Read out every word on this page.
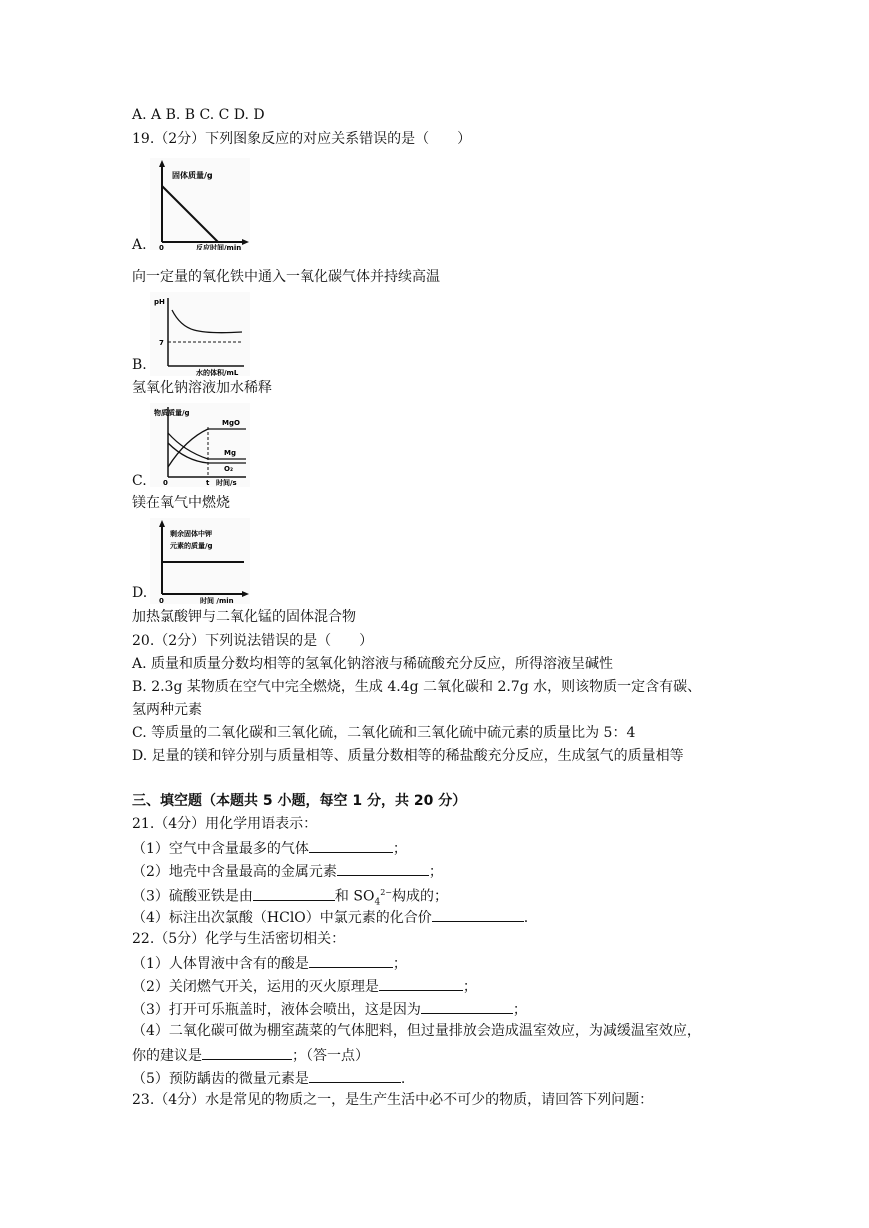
A. A B. B C. C D. D
19.（2分）下列图象反应的对应关系错误的是（　　）
A.
固体质量/g
0	反应时间/min
向一定量的氧化铁中通入一氧化碳气体并持续高温
B.
pH
7
水的体积/mL
氢氧化钠溶液加水稀释
C.
物质质量/g
MgO
Mg
O₂
0	t 时间/s
镁在氧气中燃烧
D.
剩余固体中钾
元素的质量/g
0	时间 /min
加热氯酸钾与二氧化锰的固体混合物
20.（2分）下列说法错误的是（　　）
A. 质量和质量分数均相等的氢氧化钠溶液与稀硫酸充分反应，所得溶液呈碱性
B. 2.3g 某物质在空气中完全燃烧，生成 4.4g 二氧化碳和 2.7g 水，则该物质一定含有碳、
氢两种元素
C. 等质量的二氧化碳和三氧化硫，二氧化硫和三氧化硫中硫元素的质量比为 5：4
D. 足量的镁和锌分别与质量相等、质量分数相等的稀盐酸充分反应，生成氢气的质量相等
三、填空题（本题共 5 小题，每空 1 分，共 20 分）
21.（4分）用化学用语表示：
（1）空气中含量最多的气体	；
（2）地壳中含量最高的金属元素	；
（3）硫酸亚铁是由	和 $SO_4^{2-}$构成的；
（4）标注出次氯酸（HClO）中氯元素的化合价	.
22.（5分）化学与生活密切相关：
（1）人体胃液中含有的酸是	；
（2）关闭燃气开关，运用的灭火原理是	；
（3）打开可乐瓶盖时，液体会喷出，这是因为	；
（4）二氧化碳可做为棚室蔬菜的气体肥料，但过量排放会造成温室效应，为减缓温室效应，
你的建议是	；（答一点）
（5）预防龋齿的微量元素是	.
23.（4分）水是常见的物质之一，是生产生活中必不可少的物质，请回答下列问题：
